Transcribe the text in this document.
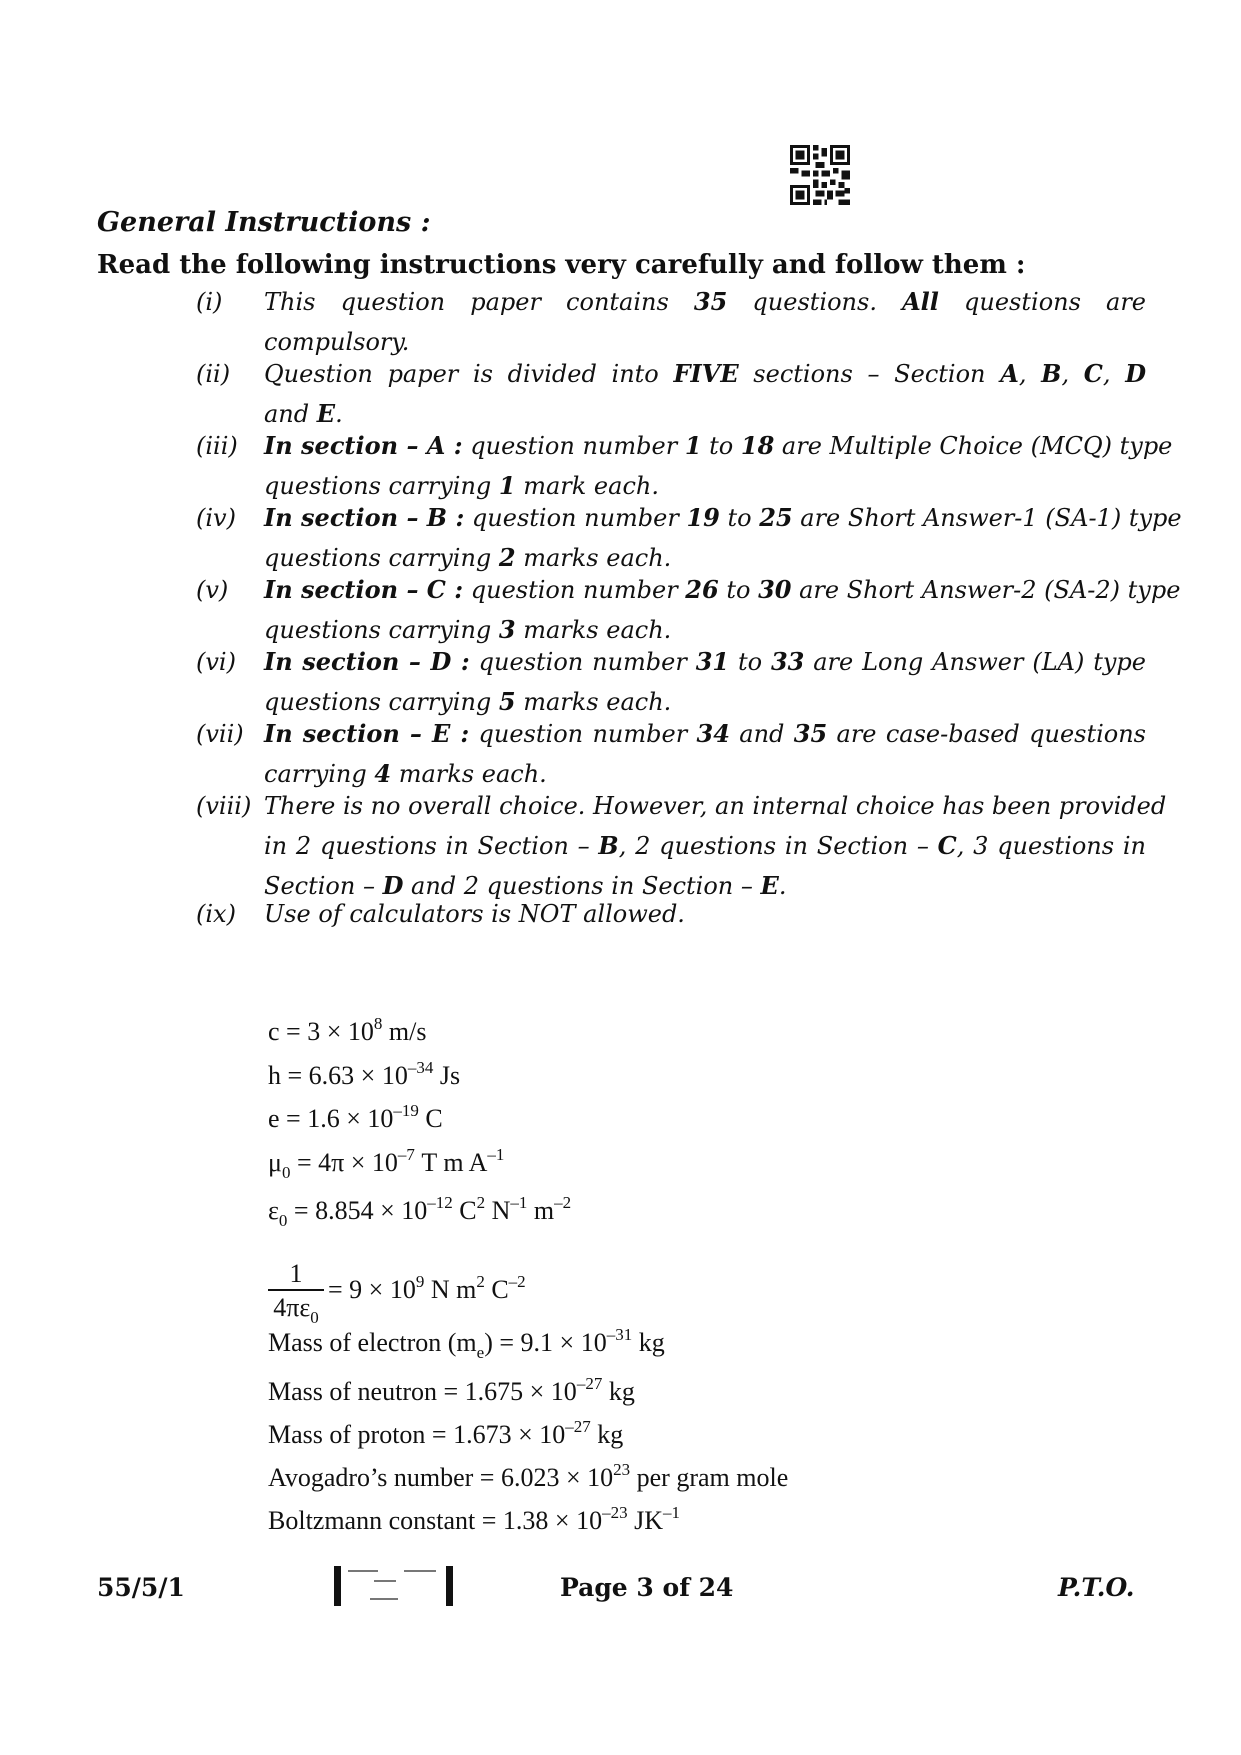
General Instructions :
Read the following instructions very carefully and follow them :
(i) This question paper contains 35 questions. All questions are
compulsory.
(ii) Question paper is divided into FIVE sections – Section A, B, C, D
and E.
(iii) In section – A : question number 1 to 18 are Multiple Choice (MCQ) type
questions carrying 1 mark each.
(iv) In section – B : question number 19 to 25 are Short Answer-1 (SA-1) type
questions carrying 2 marks each.
(v) In section – C : question number 26 to 30 are Short Answer-2 (SA-2) type
questions carrying 3 marks each.
(vi) In section – D : question number 31 to 33 are Long Answer (LA) type
questions carrying 5 marks each.
(vii) In section – E : question number 34 and 35 are case-based questions
carrying 4 marks each.
(viii) There is no overall choice. However, an internal choice has been provided
in 2 questions in Section – B, 2 questions in Section – C, 3 questions in
Section – D and 2 questions in Section – E.
(ix) Use of calculators is NOT allowed.
$c = 3 \times 10^8$ m/s
$h = 6.63 \times 10^{-34}$ Js
$e = 1.6 \times 10^{-19}$ C
$\mu_0 = 4\pi \times 10^{-7}$ T m $A^{-1}$
$\varepsilon_0 = 8.854 \times 10^{-12}$ $C^2$ $N^{-1}$ $m^{-2}$
1
$4\pi\varepsilon_0$
= $9 \times 10^9$ N $m^2$ $C^{-2}$
Mass of electron $(m_e) = 9.1 \times 10^{-31}$ kg
Mass of neutron = $1.675 \times 10^{-27}$ kg
Mass of proton = $1.673 \times 10^{-27}$ kg
Avogadro’s number = $6.023 \times 10^{23}$ per gram mole
Boltzmann constant = $1.38 \times 10^{-23}$ $JK^{-1}$
55/5/1	Page 3 of 24	P.T.O.
